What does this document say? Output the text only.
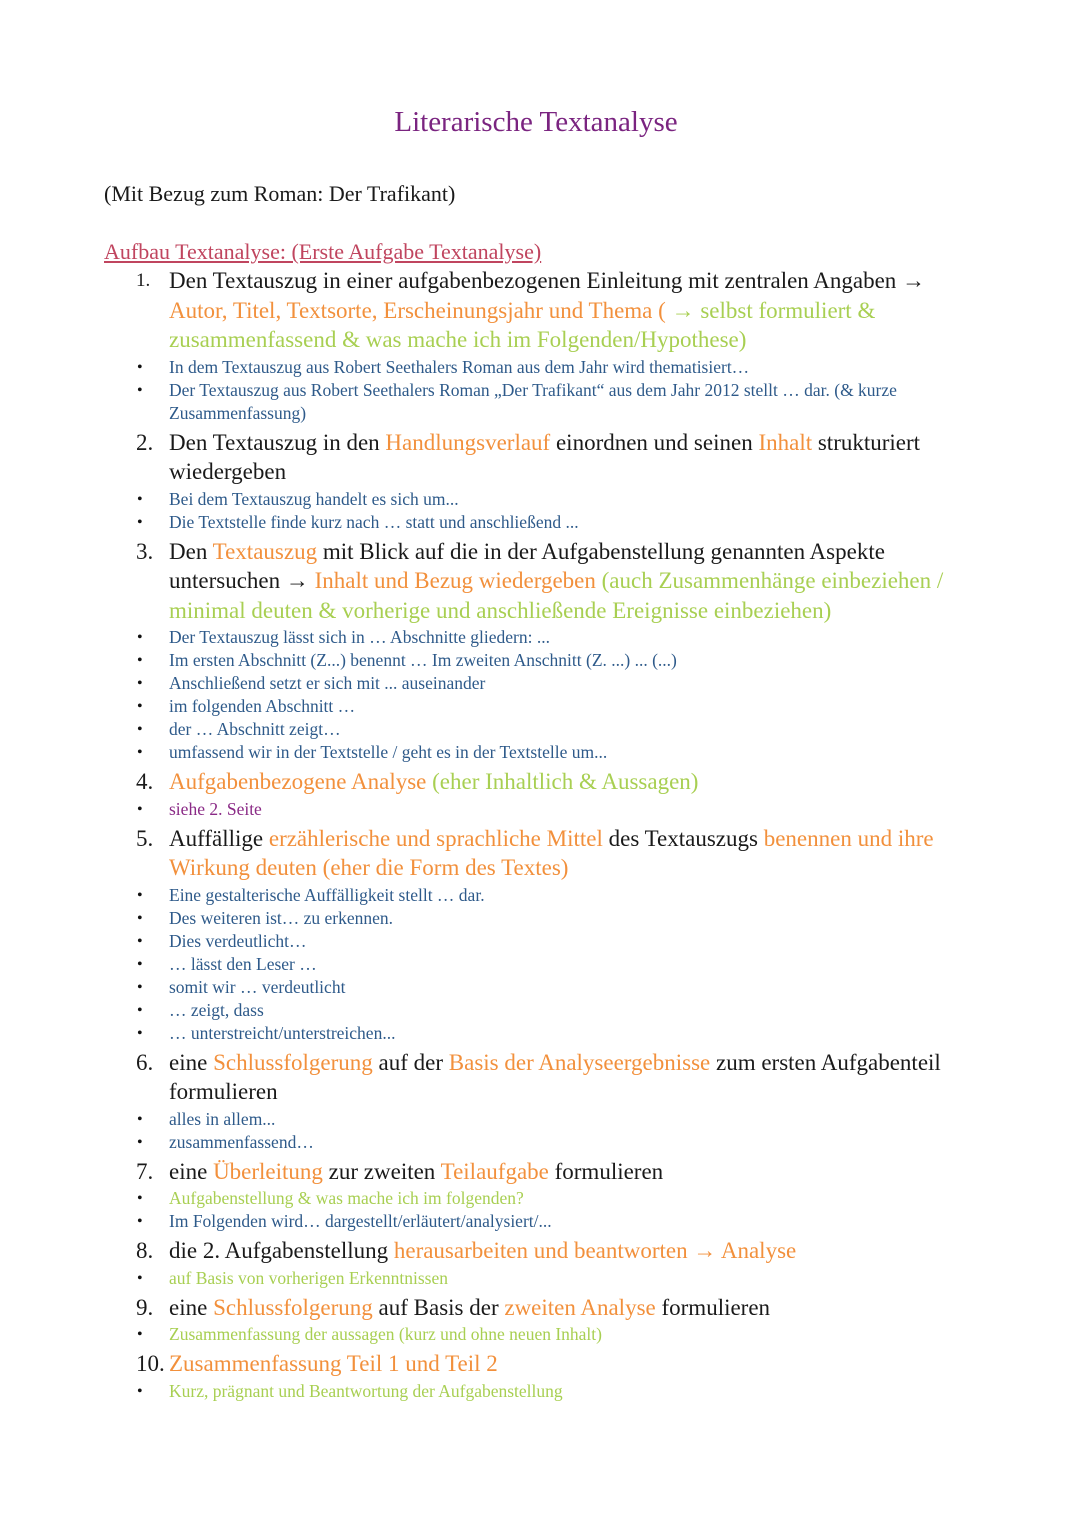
Literarische Textanalyse
(Mit Bezug zum Roman: Der Trafikant)
Aufbau Textanalyse: (Erste Aufgabe Textanalyse)
1. Den Textauszug in einer aufgabenbezogenen Einleitung mit zentralen Angaben → Autor, Titel, Textsorte, Erscheinungsjahr und Thema ( → selbst formuliert & zusammenfassend & was mache ich im Folgenden/Hypothese)
• In dem Textauszug aus Robert Seethalers Roman aus dem Jahr wird thematisiert…
• Der Textauszug aus Robert Seethalers Roman „Der Trafikant“ aus dem Jahr 2012 stellt … dar. (& kurze Zusammenfassung)
2. Den Textauszug in den Handlungsverlauf einordnen und seinen Inhalt strukturiert wiedergeben
• Bei dem Textauszug handelt es sich um...
• Die Textstelle finde kurz nach … statt und anschließend ...
3. Den Textauszug mit Blick auf die in der Aufgabenstellung genannten Aspekte untersuchen → Inhalt und Bezug wiedergeben (auch Zusammenhänge einbeziehen / minimal deuten & vorherige und anschließende Ereignisse einbeziehen)
• Der Textauszug lässt sich in … Abschnitte gliedern: ...
• Im ersten Abschnitt (Z...) benennt … Im zweiten Anschnitt (Z. ...) ... (...)
• Anschließend setzt er sich mit ... auseinander
• im folgenden Abschnitt …
• der … Abschnitt zeigt…
• umfassend wir in der Textstelle / geht es in der Textstelle um...
4. Aufgabenbezogene Analyse (eher Inhaltlich & Aussagen)
• siehe 2. Seite
5. Auffällige erzählerische und sprachliche Mittel des Textauszugs benennen und ihre Wirkung deuten (eher die Form des Textes)
• Eine gestalterische Auffälligkeit stellt … dar.
• Des weiteren ist… zu erkennen.
• Dies verdeutlicht…
• … lässt den Leser …
• somit wir … verdeutlicht
• … zeigt, dass
• … unterstreicht/unterstreichen...
6. eine Schlussfolgerung auf der Basis der Analyseergebnisse zum ersten Aufgabenteil formulieren
• alles in allem...
• zusammenfassend…
7. eine Überleitung zur zweiten Teilaufgabe formulieren
• Aufgabenstellung & was mache ich im folgenden?
• Im Folgenden wird… dargestellt/erläutert/analysiert/...
8. die 2. Aufgabenstellung herausarbeiten und beantworten → Analyse
• auf Basis von vorherigen Erkenntnissen
9. eine Schlussfolgerung auf Basis der zweiten Analyse formulieren
• Zusammenfassung der aussagen (kurz und ohne neuen Inhalt)
10. Zusammenfassung Teil 1 und Teil 2
• Kurz, prägnant und Beantwortung der Aufgabenstellung
